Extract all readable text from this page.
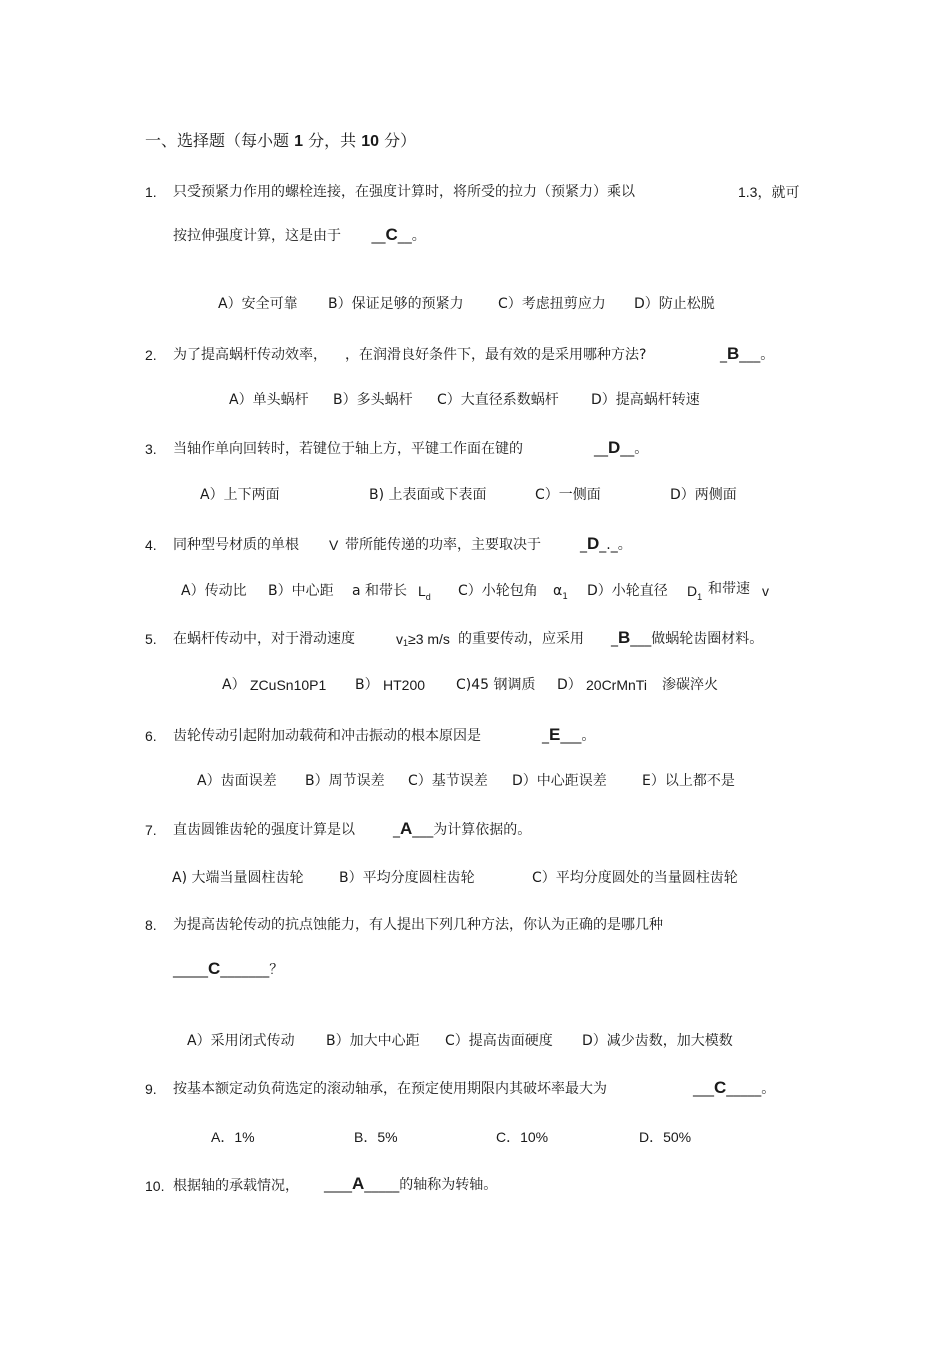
一、选择题（每小题 1 分，共 10 分）
1. 只受预紧力作用的螺栓连接，在强度计算时，将所受的拉力（预紧力）乘以	1.3，就可
按拉伸强度计算，这是由于 __C__。
A）安全可靠 B）保证足够的预紧力 C）考虑扭剪应力 D）防止松脱
2. 为了提高蜗杆传动效率， ，在润滑良好条件下，最有效的是采用哪种方法?	_B___。
A）单头蜗杆 B）多头蜗杆 C）大直径系数蜗杆 D）提高蜗杆转速
3. 当轴作单向回转时，若键位于轴上方，平键工作面在键的	__D__。
A）上下两面	B) 上表面或下表面	C）一侧面	D）两侧面
4. 同种型号材质的单根 V 带所能传递的功率，主要取决于	_D_._。
A）传动比 B）中心距 a 和带长 $L_d$ C）小轮包角 $\alpha_1$ D）小轮直径 $D_1$ 和带速 v
5. 在蜗杆传动中，对于滑动速度	v1≥3 m/s 的重要传动，应采用 _B___做蜗轮齿圈材料。
A） ZCuSn10P1 B） HT200 C)45 钢调质 D） 20CrMnTi 渗碳淬火
6. 齿轮传动引起附加动载荷和冲击振动的根本原因是	_E___。
A）齿面误差 B）周节误差 C）基节误差 D）中心距误差	E）以上都不是
7. 直齿圆锥齿轮的强度计算是以	_A___为计算依据的。
A) 大端当量圆柱齿轮	B）平均分度圆柱齿轮	C）平均分度圆处的当量圆柱齿轮
8. 为提高齿轮传动的抗点蚀能力，有人提出下列几种方法，你认为正确的是哪几种
_____C_______？
A）采用闭式传动 B）加大中心距 C）提高齿面硬度 D）减少齿数，加大模数
9. 按基本额定动负荷选定的滚动轴承，在预定使用期限内其破坏率最大为	___C_____。
A．1%	B．5%	C．10%	D．50%
10. 根据轴的承载情况， ____A_____的轴称为转轴。
